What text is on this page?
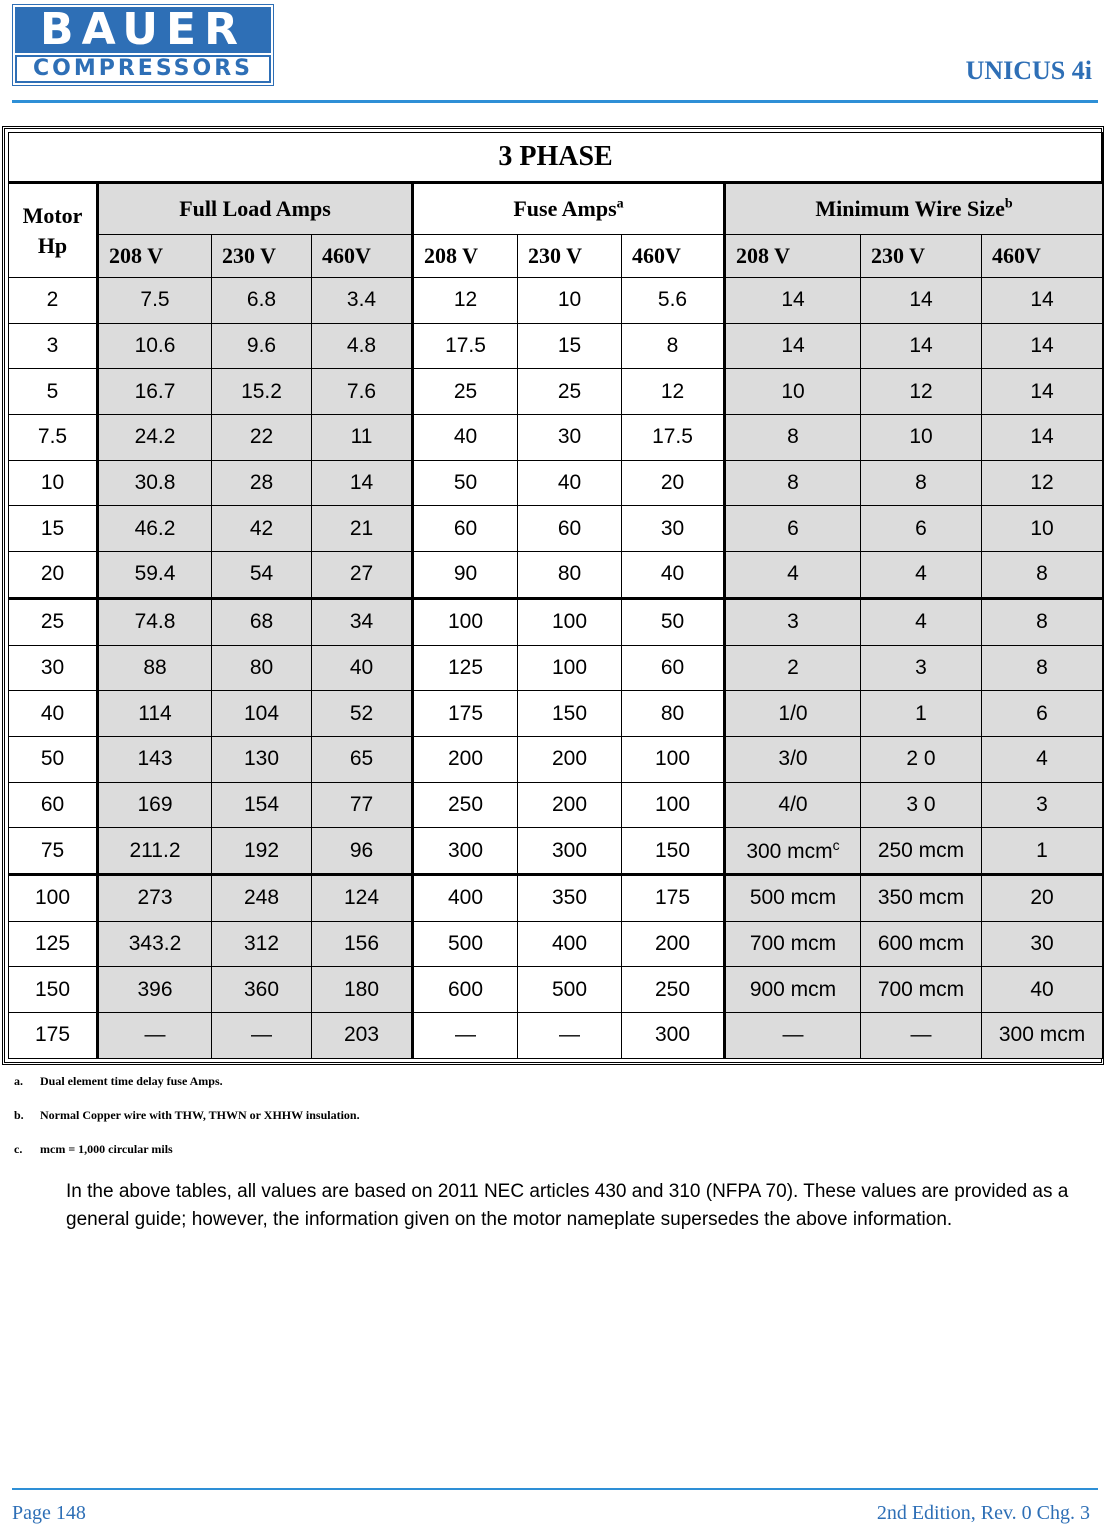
BAUER
COMPRESSORS	UNICUS 4i
3 PHASE									
Motor
Hp	Full Load Amps			Fuse Amps$^a$			Minimum Wire Size$^b$
	208 V	230 V	460V	208 V	230 V	460V	208 V	230 V	460V
2	7.5	6.8	3.4	12	10	5.6	14	14	14
3	10.6	9.6	4.8	17.5	15	8	14	14	14
5	16.7	15.2	7.6	25	25	12	10	12	14
7.5	24.2	22	11	40	30	17.5	8	10	14
10	30.8	28	14	50	40	20	8	8	12
15	46.2	42	21	60	60	30	6	6	10
20	59.4	54	27	90	80	40	4	4	8
25	74.8	68	34	100	100	50	3	4	8
30	88	80	40	125	100	60	2	3	8
40	114	104	52	175	150	80	1/0	1	6
50	143	130	65	200	200	100	3/0	2 0	4
60	169	154	77	250	200	100	4/0	3 0	3
75	211.2	192	96	300	300	150	300 mcm$^c$	250 mcm	1
100	273	248	124	400	350	175	500 mcm	350 mcm	20
125	343.2	312	156	500	400	200	700 mcm	600 mcm	30
150	396	360	180	600	500	250	900 mcm	700 mcm	40
175	—	—	203	—	—	300	—	—	300 mcm
a. Dual element time delay fuse Amps.
b. Normal Copper wire with THW, THWN or XHHW insulation.
c. mcm = 1,000 circular mils
In the above tables, all values are based on 2011 NEC articles 430 and 310 (NFPA 70). These values are provided as a general guide; however, the information given on the motor nameplate supersedes the above information.
Page 148	2nd Edition, Rev. 0 Chg. 3
